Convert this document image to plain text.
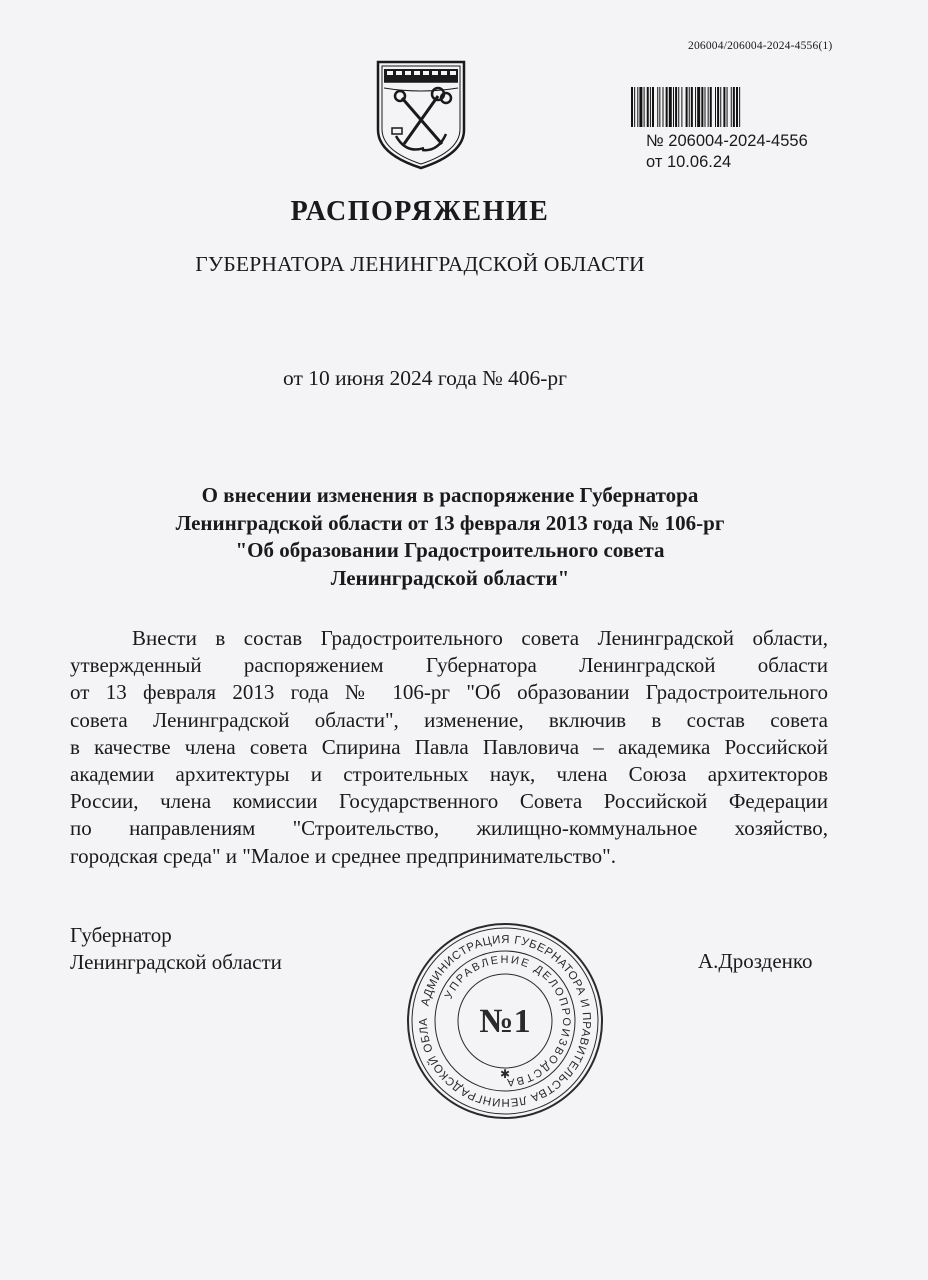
206004/206004-2024-4556(1)
№ 206004-2024-4556
от 10.06.24
РАСПОРЯЖЕНИЕ
ГУБЕРНАТОРА ЛЕНИНГРАДСКОЙ ОБЛАСТИ
от 10 июня 2024 года № 406-рг
О внесении изменения в распоряжение Губернатора
Ленинградской области от 13 февраля 2013 года № 106-рг
"Об образовании Градостроительного совета
Ленинградской области"
Внести в состав Градостроительного совета Ленинградской области,
утвержденный распоряжением Губернатора Ленинградской области
от 13 февраля 2013 года № 106-рг "Об образовании Градостроительного
совета Ленинградской области", изменение, включив в состав совета
в качестве члена совета Спирина Павла Павловича – академика Российской
академии архитектуры и строительных наук, члена Союза архитекторов
России, члена комиссии Государственного Совета Российской Федерации
по направлениям "Строительство, жилищно-коммунальное хозяйство,
городская среда" и "Малое и среднее предпринимательство".
Губернатор
Ленинградской области	А.Дрозденко
АДМИНИСТРАЦИЯ ГУБЕРНАТОРА И ПРАВИТЕЛЬСТВА ЛЕНИНГРАДСКОЙ ОБЛА
УПРАВЛЕНИЕ ДЕЛОПРОИЗВОДСТВА
№1
✱
